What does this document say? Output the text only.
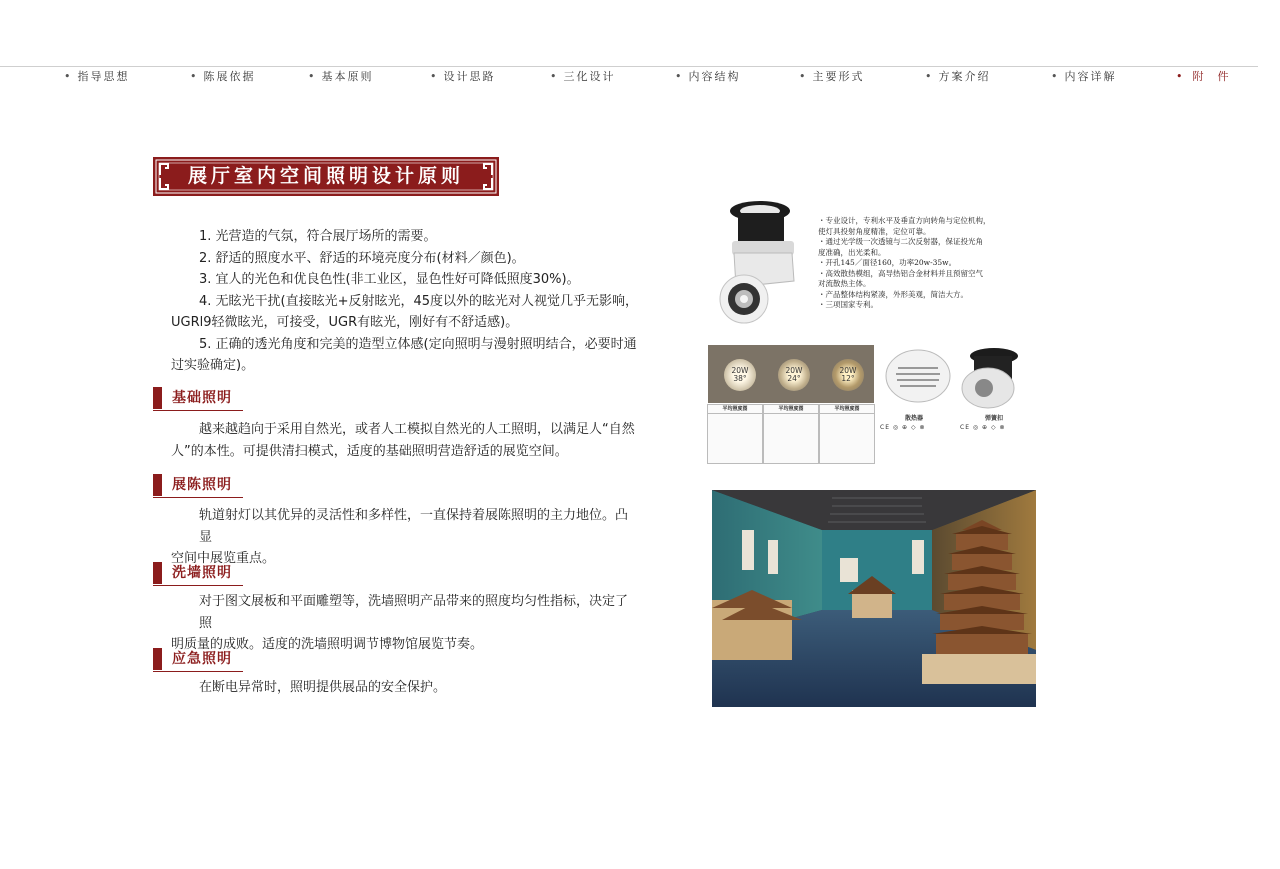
• 指导思想	• 陈展依据	• 基本原则	• 设计思路	• 三化设计	• 内容结构	• 主要形式	• 方案介绍	• 内容详解	• 附件
展厅室内空间照明设计原则

1. 光营造的气氛，符合展厅场所的需要。

2. 舒适的照度水平、舒适的环境亮度分布(材料／颜色)。

3. 宜人的光色和优良色性(非工业区，显色性好可降低照度30%)。

4. 无眩光干扰(直接眩光+反射眩光，45度以外的眩光对人视觉几乎无影响，

UGRl9轻微眩光，可接受，UGR有眩光，刚好有不舒适感)。

5. 正确的透光角度和完美的造型立体感(定向照明与漫射照明结合，必要时通

过实验确定)。

基础照明

越来越趋向于采用自然光，或者人工模拟自然光的人工照明，以满足人“自然

人”的本性。可提供清扫模式，适度的基础照明营造舒适的展览空间。

展陈照明

轨道射灯以其优异的灵活性和多样性，一直保持着展陈照明的主力地位。凸显

空间中展览重点。

洗墙照明

对于图文展板和平面雕塑等，洗墙照明产品带来的照度均匀性指标，决定了照

明质量的成败。适度的洗墙照明调节博物馆展览节奏。

应急照明

在断电异常时，照明提供展品的安全保护。

・专业设计，专利水平及垂直方向转角与定位机构，

使灯具投射角度精准，定位可靠。

・通过光学级一次透镜与二次反射器，保证投光角

度准确，出光柔和。

・开孔145／面径160，功率20w-35w。

・高效散热模组，高导热铝合金材料并且预留空气

对流散热主体。

・产品整体结构紧凑，外形美观，简洁大方。

・三项国家专利。

20W
38°
20W
24°
20W
12°
平均照度图	平均照度图	平均照度图
散热器
CE ◎ ⊕ ◇ ⊗
弹簧扣
CE ◎ ⊕ ◇ ⊗
